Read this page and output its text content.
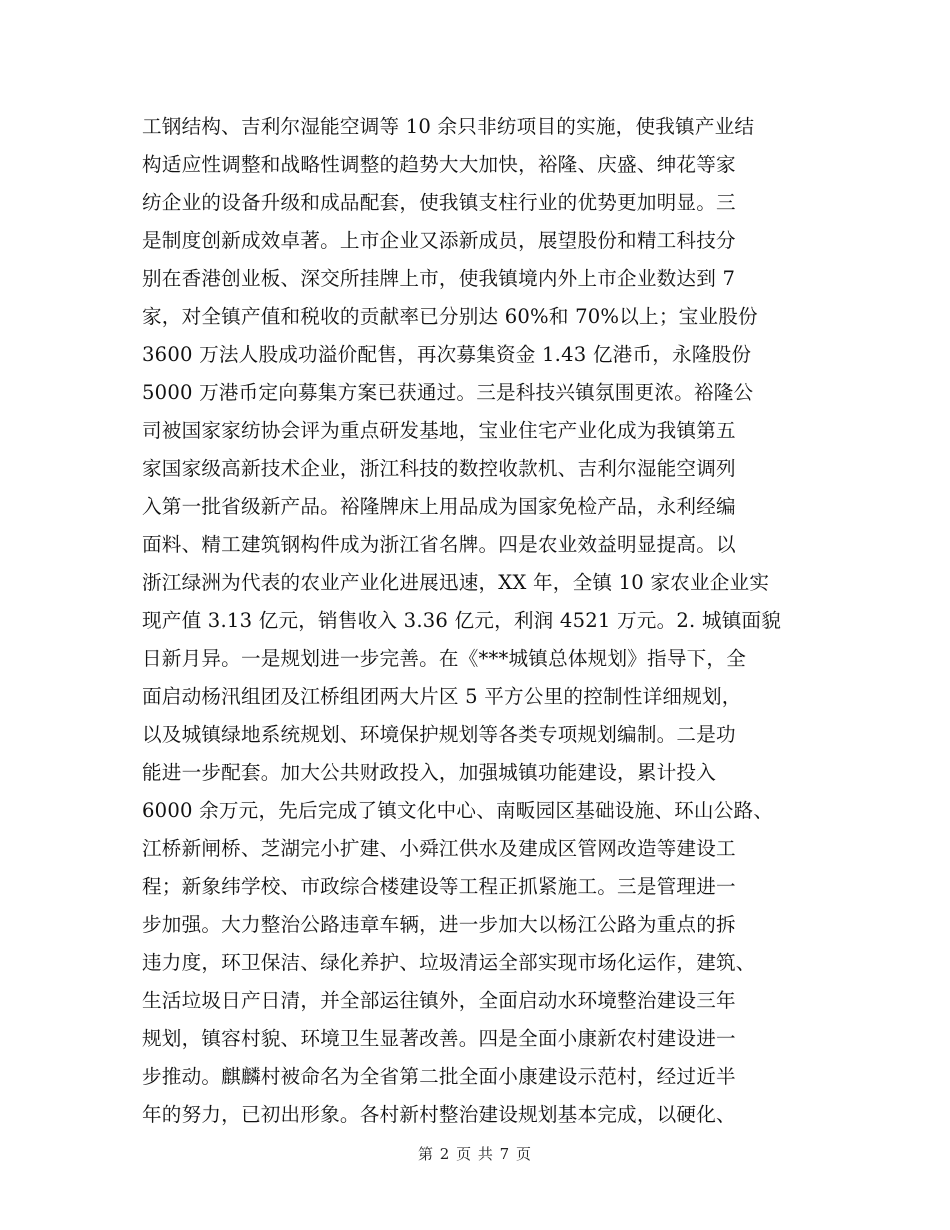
工钢结构、吉利尔湿能空调等 10 余只非纺项目的实施，使我镇产业结
构适应性调整和战略性调整的趋势大大加快，裕隆、庆盛、绅花等家
纺企业的设备升级和成品配套，使我镇支柱行业的优势更加明显。三
是制度创新成效卓著。上市企业又添新成员，展望股份和精工科技分
别在香港创业板、深交所挂牌上市，使我镇境内外上市企业数达到 7
家，对全镇产值和税收的贡献率已分别达 60%和 70%以上；宝业股份
3600 万法人股成功溢价配售，再次募集资金 1.43 亿港币，永隆股份
5000 万港币定向募集方案已获通过。三是科技兴镇氛围更浓。裕隆公
司被国家家纺协会评为重点研发基地，宝业住宅产业化成为我镇第五
家国家级高新技术企业，浙江科技的数控收款机、吉利尔湿能空调列
入第一批省级新产品。裕隆牌床上用品成为国家免检产品，永利经编
面料、精工建筑钢构件成为浙江省名牌。四是农业效益明显提高。以
浙江绿洲为代表的农业产业化进展迅速，XX 年，全镇 10 家农业企业实
现产值 3.13 亿元，销售收入 3.36 亿元，利润 4521 万元。2. 城镇面貌
日新月异。一是规划进一步完善。在《***城镇总体规划》指导下，全
面启动杨汛组团及江桥组团两大片区 5 平方公里的控制性详细规划，
以及城镇绿地系统规划、环境保护规划等各类专项规划编制。二是功
能进一步配套。加大公共财政投入，加强城镇功能建设，累计投入
6000 余万元，先后完成了镇文化中心、南畈园区基础设施、环山公路、
江桥新闸桥、芝湖完小扩建、小舜江供水及建成区管网改造等建设工
程；新象纬学校、市政综合楼建设等工程正抓紧施工。三是管理进一
步加强。大力整治公路违章车辆，进一步加大以杨江公路为重点的拆
违力度，环卫保洁、绿化养护、垃圾清运全部实现市场化运作，建筑、
生活垃圾日产日清，并全部运往镇外，全面启动水环境整治建设三年
规划，镇容村貌、环境卫生显著改善。四是全面小康新农村建设进一
步推动。麒麟村被命名为全省第二批全面小康建设示范村，经过近半
年的努力，已初出形象。各村新村整治建设规划基本完成，以硬化、
第 2 页 共 7 页
